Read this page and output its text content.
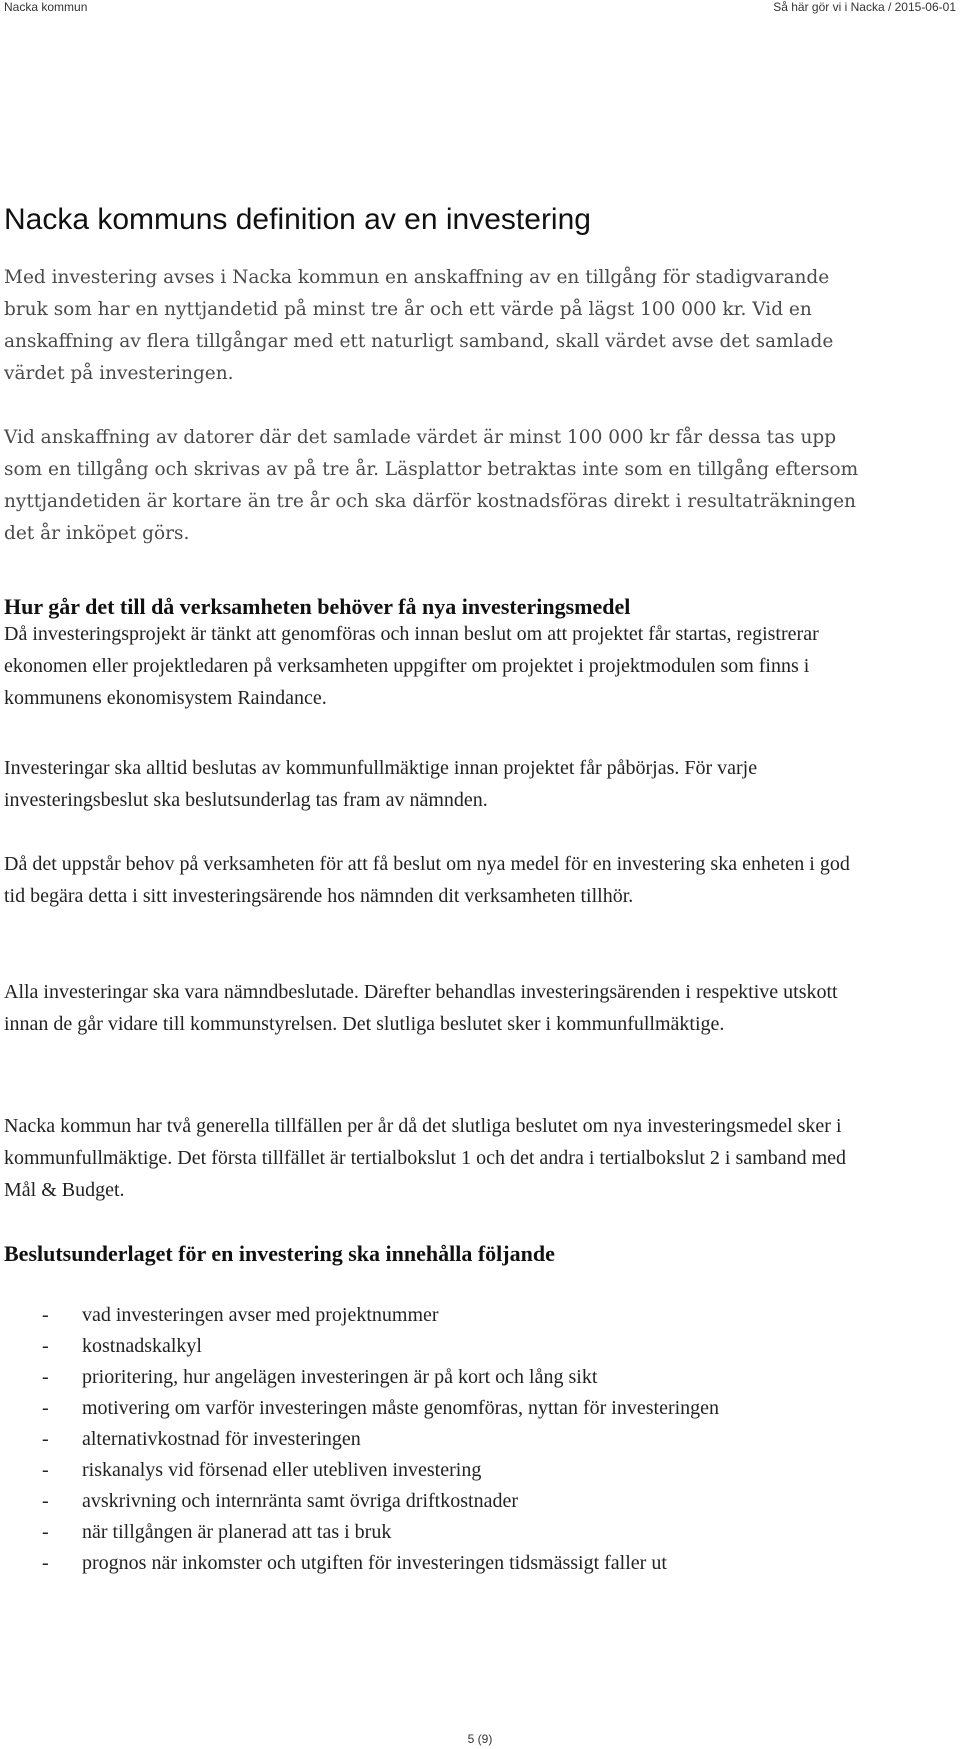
Nacka kommun	Så här gör vi i Nacka / 2015-06-01
Nacka kommuns definition av en investering

Med investering avses i Nacka kommun en anskaffning av en tillgång för stadigvarande bruk som har en nyttjandetid på minst tre år och ett värde på lägst 100 000 kr. Vid en anskaffning av flera tillgångar med ett naturligt samband, skall värdet avse det samlade värdet på investeringen.

Vid anskaffning av datorer där det samlade värdet är minst 100 000 kr får dessa tas upp som en tillgång och skrivas av på tre år. Läsplattor betraktas inte som en tillgång eftersom nyttjandetiden är kortare än tre år och ska därför kostnadsföras direkt i resultaträkningen det år inköpet görs.

Hur går det till då verksamheten behöver få nya investeringsmedel

Då investeringsprojekt är tänkt att genomföras och innan beslut om att projektet får startas, registrerar ekonomen eller projektledaren på verksamheten uppgifter om projektet i projektmodulen som finns i kommunens ekonomisystem Raindance.

Investeringar ska alltid beslutas av kommunfullmäktige innan projektet får påbörjas. För varje investeringsbeslut ska beslutsunderlag tas fram av nämnden.

Då det uppstår behov på verksamheten för att få beslut om nya medel för en investering ska enheten i god tid begära detta i sitt investeringsärende hos nämnden dit verksamheten tillhör.

Alla investeringar ska vara nämndbeslutade. Därefter behandlas investeringsärenden i respektive utskott innan de går vidare till kommunstyrelsen. Det slutliga beslutet sker i kommunfullmäktige.

Nacka kommun har två generella tillfällen per år då det slutliga beslutet om nya investeringsmedel sker i kommunfullmäktige. Det första tillfället är tertialbokslut 1 och det andra i tertialbokslut 2 i samband med Mål & Budget.

Beslutsunderlaget för en investering ska innehålla följande
- vad investeringen avser med projektnummer
- kostnadskalkyl
- prioritering, hur angelägen investeringen är på kort och lång sikt
- motivering om varför investeringen måste genomföras, nyttan för investeringen
- alternativkostnad för investeringen
- riskanalys vid försenad eller utebliven investering
- avskrivning och internränta samt övriga driftkostnader
- när tillgången är planerad att tas i bruk
- prognos när inkomster och utgiften för investeringen tidsmässigt faller ut
5 (9)
